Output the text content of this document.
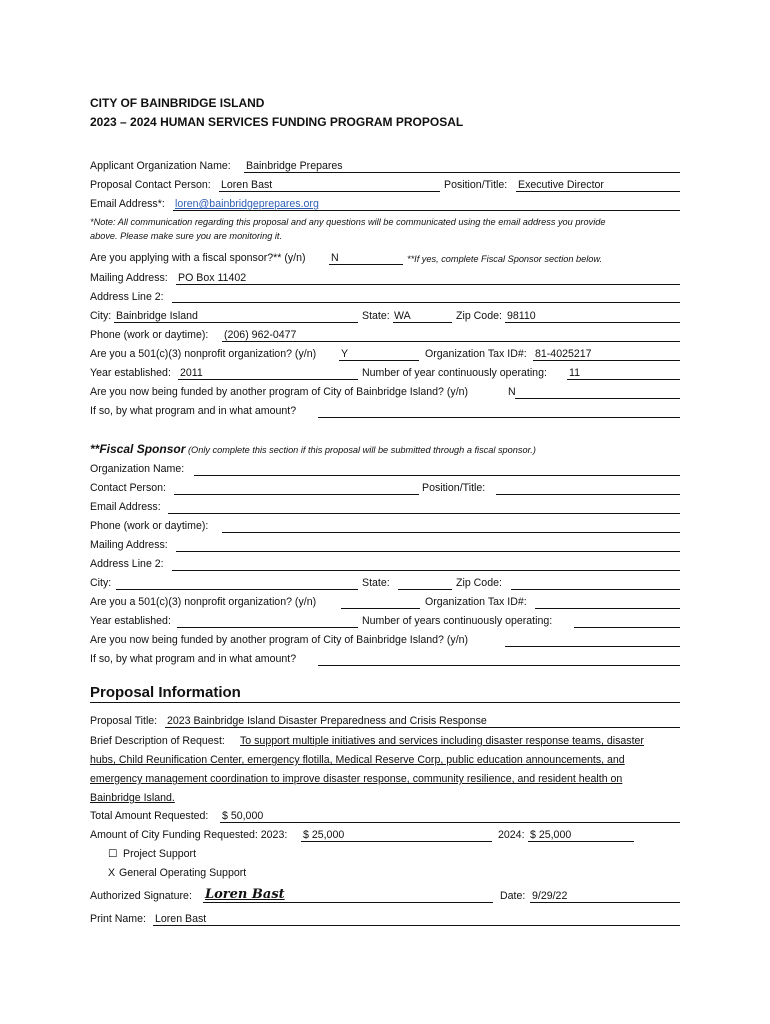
CITY OF BAINBRIDGE ISLAND
2023 – 2024 HUMAN SERVICES FUNDING PROGRAM PROPOSAL
Applicant Organization Name: Bainbridge Prepares
Proposal Contact Person: Loren Bast	Position/Title: Executive Director
Email Address*: loren@bainbridgeprepares.org
*Note: All communication regarding this proposal and any questions will be communicated using the email address you provide
above. Please make sure you are monitoring it.
Are you applying with a fiscal sponsor?** (y/n) N	**If yes, complete Fiscal Sponsor section below.
Mailing Address: PO Box 11402
Address Line 2:
City: Bainbridge Island	State: WA	Zip Code: 98110
Phone (work or daytime): (206) 962-0477
Are you a 501(c)(3) nonprofit organization? (y/n) Y	Organization Tax ID#: 81-4025217
Year established: 2011	Number of year continuously operating: 11
Are you now being funded by another program of City of Bainbridge Island? (y/n)	N
If so, by what program and in what amount?
**Fiscal Sponsor (Only complete this section if this proposal will be submitted through a fiscal sponsor.)
Organization Name:
Contact Person:	Position/Title:
Email Address:
Phone (work or daytime):
Mailing Address:
Address Line 2:
City:	State:	Zip Code:
Are you a 501(c)(3) nonprofit organization? (y/n)	Organization Tax ID#:
Year established:	Number of years continuously operating:
Are you now being funded by another program of City of Bainbridge Island? (y/n)
If so, by what program and in what amount?
Proposal Information
Proposal Title: 2023 Bainbridge Island Disaster Preparedness and Crisis Response
Brief Description of Request: To support multiple initiatives and services including disaster response teams, disaster
hubs, Child Reunification Center, emergency flotilla, Medical Reserve Corp, public education announcements, and
emergency management coordination to improve disaster response, community resilience, and resident health on
Bainbridge Island.
Total Amount Requested: $ 50,000
Amount of City Funding Requested: 2023: $ 25,000	2024: $ 25,000
☐ Project Support
X General Operating Support
Authorized Signature: Loren Bast	Date: 9/29/22
Print Name: Loren Bast
